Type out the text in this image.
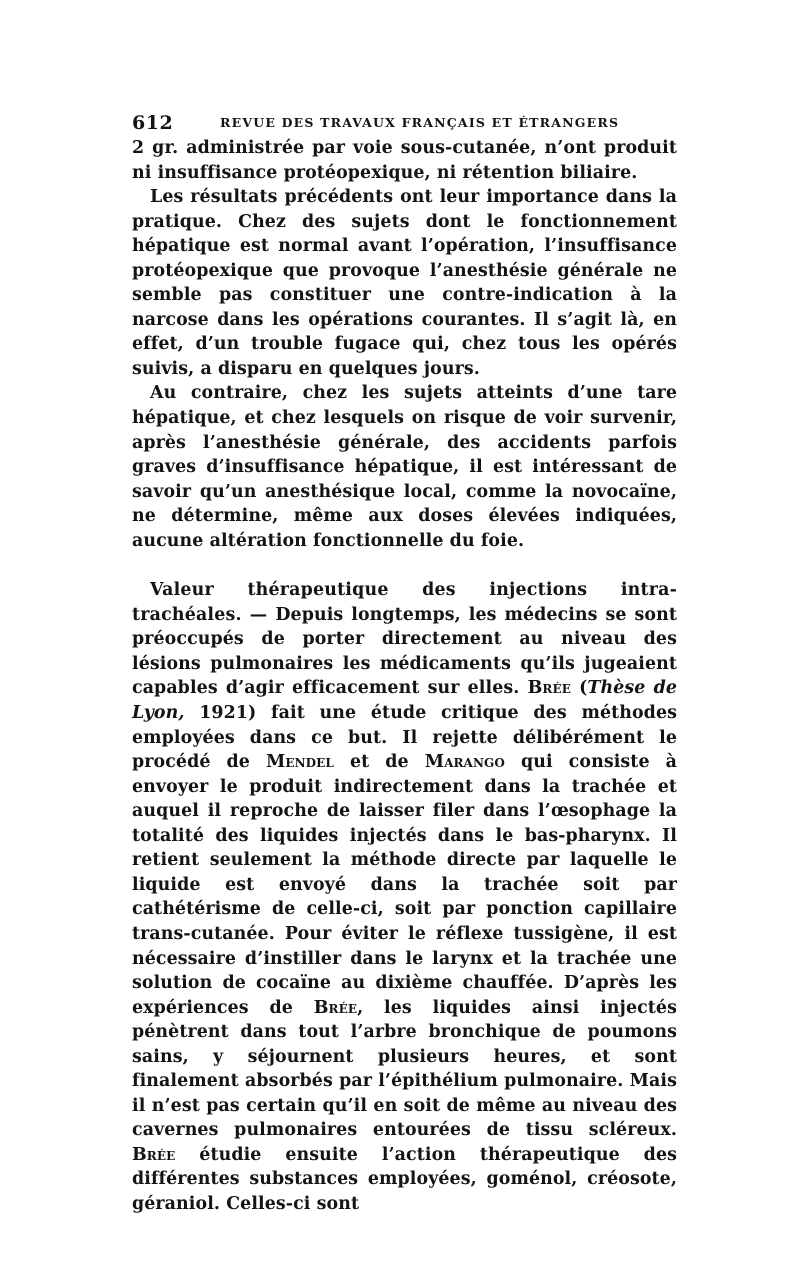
612	REVUE DES TRAVAUX FRANÇAIS ET ÉTRANGERS

2 gr. administrée par voie sous-cutanée, n’ont produit ni insuffisance protéopexique, ni rétention biliaire.

Les résultats précédents ont leur importance dans la pratique. Chez des sujets dont le fonctionnement hépatique est normal avant l’opération, l’insuffisance protéopexique que provoque l’anesthésie générale ne semble pas constituer une contre-indication à la narcose dans les opérations courantes. Il s’agit là, en effet, d’un trouble fugace qui, chez tous les opérés suivis, a disparu en quelques jours.

Au contraire, chez les sujets atteints d’une tare hépatique, et chez lesquels on risque de voir survenir, après l’anesthésie générale, des accidents parfois graves d’insuffisance hépatique, il est intéressant de savoir qu’un anesthésique local, comme la novocaïne, ne détermine, même aux doses élevées indiquées, aucune altération fonctionnelle du foie.

Valeur thérapeutique des injections intra-trachéales. — Depuis longtemps, les médecins se sont préoccupés de porter directement au niveau des lésions pulmonaires les médicaments qu’ils jugeaient capables d’agir efficacement sur elles. Brée (Thèse de Lyon, 1921) fait une étude critique des méthodes employées dans ce but. Il rejette délibérément le procédé de Mendel et de Marango qui consiste à envoyer le produit indirectement dans la trachée et auquel il reproche de laisser filer dans l’œsophage la totalité des liquides injectés dans le bas-pharynx. Il retient seulement la méthode directe par laquelle le liquide est envoyé dans la trachée soit par cathétérisme de celle-ci, soit par ponction capillaire trans-cutanée. Pour éviter le réflexe tussigène, il est nécessaire d’instiller dans le larynx et la trachée une solution de cocaïne au dixième chauffée. D’après les expériences de Brée, les liquides ainsi injectés pénètrent dans tout l’arbre bronchique de poumons sains, y séjournent plusieurs heures, et sont finalement absorbés par l’épithélium pulmonaire. Mais il n’est pas certain qu’il en soit de même au niveau des cavernes pulmonaires entourées de tissu scléreux. Brée étudie ensuite l’action thérapeutique des différentes substances employées, goménol, créosote, géraniol. Celles-ci sont
